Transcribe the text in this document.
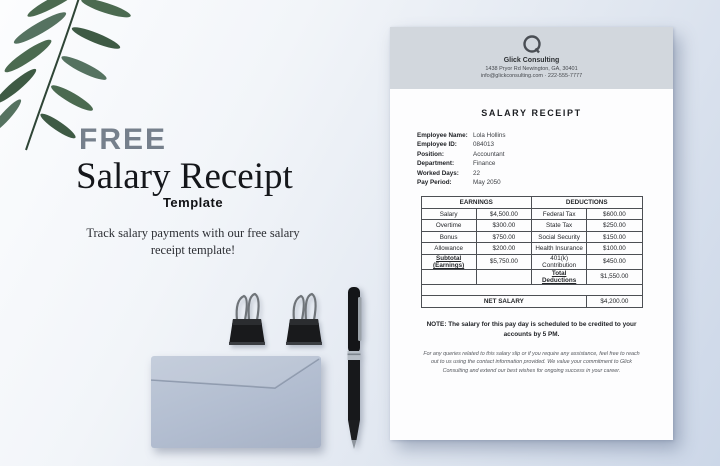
FREE
Salary Receipt
Template
Track salary payments with our free salary receipt template!
Glick Consulting
1438 Pryor Rd Newington, GA, 30401
info@glickconsulting.com · 222-555-7777
SALARY RECEIPT
Employee Name: Lola Hollins
Employee ID:	084013
Position:	Accountant
Department:	Finance
Worked Days:	22
Pay Period:	May 2050
EARNINGS		DEDUCTIONS	
Salary	$4,500.00	Federal Tax	$600.00
Overtime	$300.00	State Tax	$250.00
Bonus	$750.00	Social Security	$150.00
Allowance	$200.00	Health Insurance	$100.00
Subtotal (Earnings)	$5,750.00	401(k) Contribution	$450.00
		Total Deductions	$1,550.00

NET SALARY			$4,200.00
NOTE: The salary for this pay day is scheduled to be credited to your accounts by 5 PM.
For any queries related to this salary slip or if you require any assistance, feel free to reach out to us using the contact information provided. We value your commitment to Glick Consulting and extend our best wishes for ongoing success in your career.
